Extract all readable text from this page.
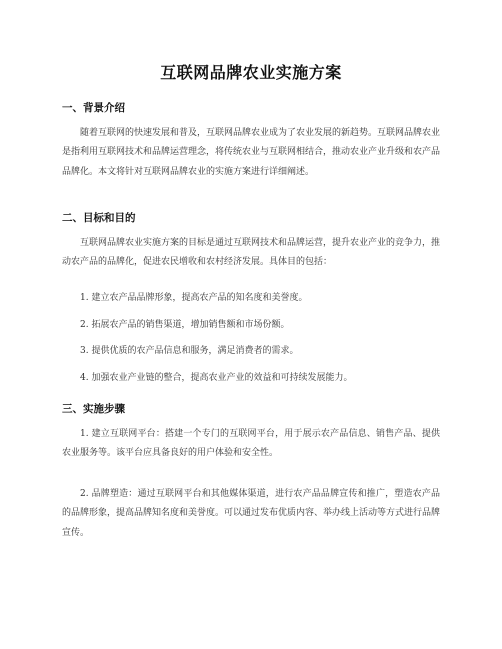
互联网品牌农业实施方案
一、背景介绍

随着互联网的快速发展和普及，互联网品牌农业成为了农业发展的新趋势。互联网品牌农业是指利用互联网技术和品牌运营理念，将传统农业与互联网相结合，推动农业产业升级和农产品品牌化。本文将针对互联网品牌农业的实施方案进行详细阐述。

二、目标和目的

互联网品牌农业实施方案的目标是通过互联网技术和品牌运营，提升农业产业的竞争力，推动农产品的品牌化，促进农民增收和农村经济发展。具体目的包括：

1. 建立农产品品牌形象，提高农产品的知名度和美誉度。
2. 拓展农产品的销售渠道，增加销售额和市场份额。
3. 提供优质的农产品信息和服务，满足消费者的需求。
4. 加强农业产业链的整合，提高农业产业的效益和可持续发展能力。
三、实施步骤

1. 建立互联网平台：搭建一个专门的互联网平台，用于展示农产品信息、销售产品、提供农业服务等。该平台应具备良好的用户体验和安全性。

2. 品牌塑造：通过互联网平台和其他媒体渠道，进行农产品品牌宣传和推广，塑造农产品的品牌形象，提高品牌知名度和美誉度。可以通过发布优质内容、举办线上活动等方式进行品牌宣传。
